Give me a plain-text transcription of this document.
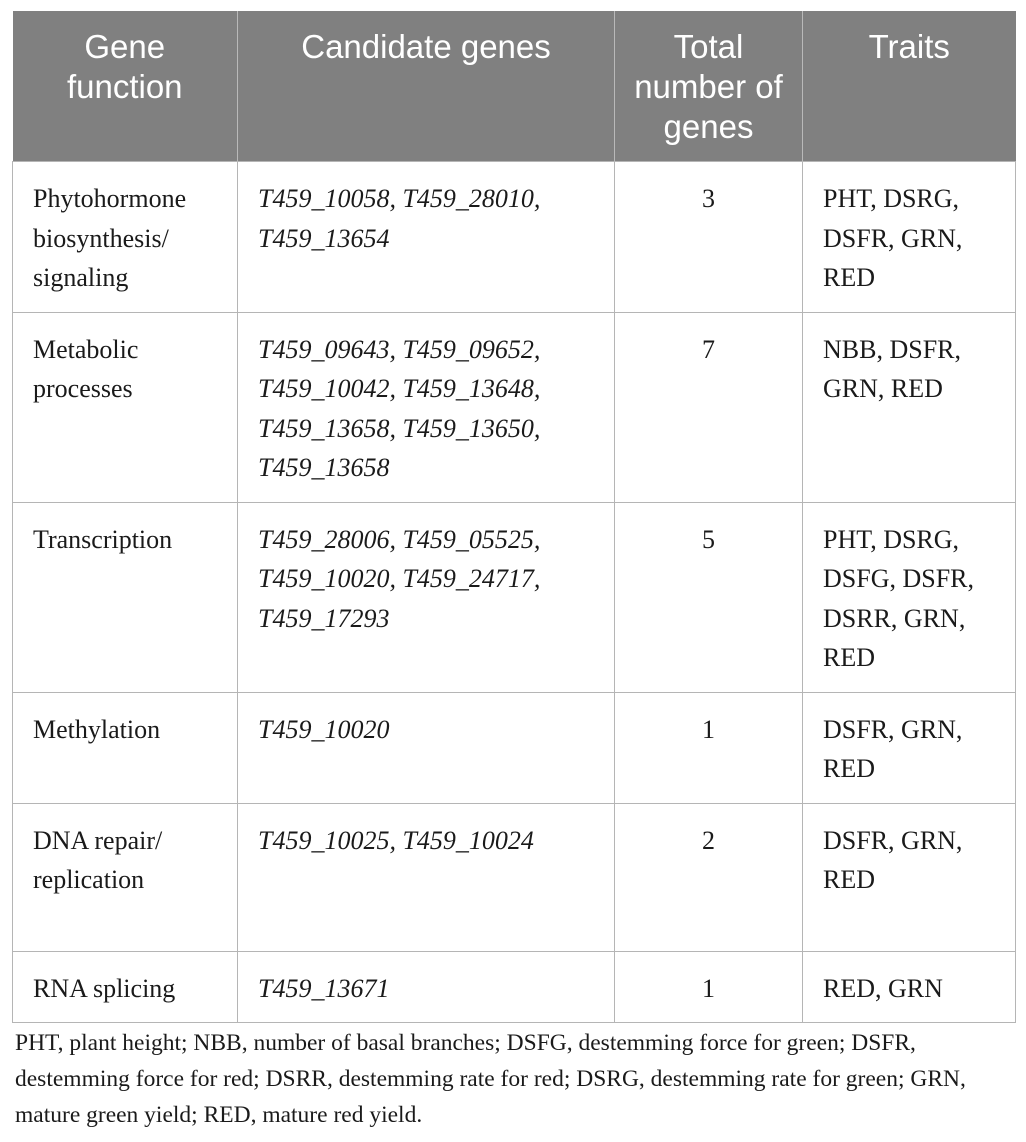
Gene function	Candidate genes	Total number of genes	Traits
Phytohormone biosynthesis/ signaling	T459_10058, T459_28010, T459_13654	3	PHT, DSRG, DSFR, GRN, RED
Metabolic processes	T459_09643, T459_09652, T459_10042, T459_13648, T459_13658, T459_13650, T459_13658	7	NBB, DSFR, GRN, RED
Transcription	T459_28006, T459_05525, T459_10020, T459_24717, T459_17293	5	PHT, DSRG, DSFG, DSFR, DSRR, GRN, RED
Methylation	T459_10020	1	DSFR, GRN, RED
DNA repair/ replication	T459_10025, T459_10024	2	DSFR, GRN, RED
RNA splicing	T459_13671	1	RED, GRN

PHT, plant height; NBB, number of basal branches; DSFG, destemming force for green; DSFR, destemming force for red; DSRR, destemming rate for red; DSRG, destemming rate for green; GRN, mature green yield; RED, mature red yield.
